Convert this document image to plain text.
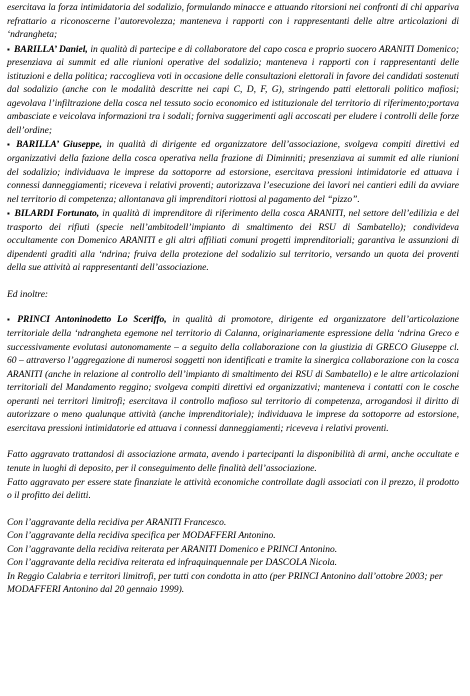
esercitava la forza intimidatoria del sodalizio, formulando minacce e attuando ritorsioni nei confronti di chi appariva refrattario a riconoscerne l’autorevolezza; manteneva i rapporti con i rappresentanti delle altre articolazioni di ‘ndrangheta;

▪ BARILLA’ Daniel, in qualità di partecipe e di collaboratore del capo cosca e proprio suocero ARANITI Domenico; presenziava ai summit ed alle riunioni operative del sodalizio; manteneva i rapporti con i rappresentanti delle istituzioni e della politica; raccoglieva voti in occasione delle consultazioni elettorali in favore dei candidati sostenuti dal sodalizio (anche con le modalità descritte nei capi C, D, F, G), stringendo patti elettorali politico mafiosi; agevolava l’infiltrazione della cosca nel tessuto socio economico ed istituzionale del territorio di riferimento;portava ambasciate e veicolava informazioni tra i sodali; forniva suggerimenti agli accoscati per eludere i controlli delle forze dell’ordine;

▪ BARILLA’ Giuseppe, in qualità di dirigente ed organizzatore dell’associazione, svolgeva compiti direttivi ed organizzativi della fazione della cosca operativa nella frazione di Diminniti; presenziava ai summit ed alle riunioni del sodalizio; individuava le imprese da sottoporre ad estorsione, esercitava pressioni intimidatorie ed attuava i connessi danneggiamenti; riceveva i relativi proventi; autorizzava l’esecuzione dei lavori nei cantieri edili da avviare nel territorio di competenza; allontanava gli imprenditori riottosi al pagamento del “pizzo”.

▪ BILARDI Fortunato, in qualità di imprenditore di riferimento della cosca ARANITI, nel settore dell’edilizia e del trasporto dei rifiuti (specie nell’ambitodell’impianto di smaltimento dei RSU di Sambatello); condivideva occultamente con Domenico ARANITI e gli altri affiliati comuni progetti imprenditoriali; garantiva le assunzioni di dipendenti graditi alla ‘ndrina; fruiva della protezione del sodalizio sul territorio, versando un quota dei proventi della sue attività ai rappresentanti dell’associazione.

Ed inoltre:

▪ PRINCI Antoninodetto Lo Sceriffo, in qualità di promotore, dirigente ed organizzatore dell’articolazione territoriale della ‘ndrangheta egemone nel territorio di Calanna, originariamente espressione della ‘ndrina Greco e successivamente evolutasi autonomamente – a seguito della collaborazione con la giustizia di GRECO Giuseppe cl. 60 – attraverso l’aggregazione di numerosi soggetti non identificati e tramite la sinergica collaborazione con la cosca ARANITI (anche in relazione al controllo dell’impianto di smaltimento dei RSU di Sambatello) e le altre articolazioni territoriali del Mandamento reggino; svolgeva compiti direttivi ed organizzativi; manteneva i contatti con le cosche operanti nei territori limitrofi; esercitava il controllo mafioso sul territorio di competenza, arrogandosi il diritto di autorizzare o meno qualunque attività (anche imprenditoriale); individuava le imprese da sottoporre ad estorsione, esercitava pressioni intimidatorie ed attuava i connessi danneggiamenti; riceveva i relativi proventi.

Fatto aggravato trattandosi di associazione armata, avendo i partecipanti la disponibilità di armi, anche occultate e tenute in luoghi di deposito, per il conseguimento delle finalità dell’associazione.

Fatto aggravato per essere state finanziate le attività economiche controllate dagli associati con il prezzo, il prodotto o il profitto dei delitti.

Con l’aggravante della recidiva per ARANITI Francesco.

Con l’aggravante della recidiva specifica per MODAFFERI Antonino.

Con l’aggravante della recidiva reiterata per ARANITI Domenico e PRINCI Antonino.

Con l’aggravante della recidiva reiterata ed infraquinquennale per DASCOLA Nicola.

In Reggio Calabria e territori limitrofi, per tutti con condotta in atto (per PRINCI Antonino dall’ottobre 2003; per MODAFFERI Antonino dal 20 gennaio 1999).
